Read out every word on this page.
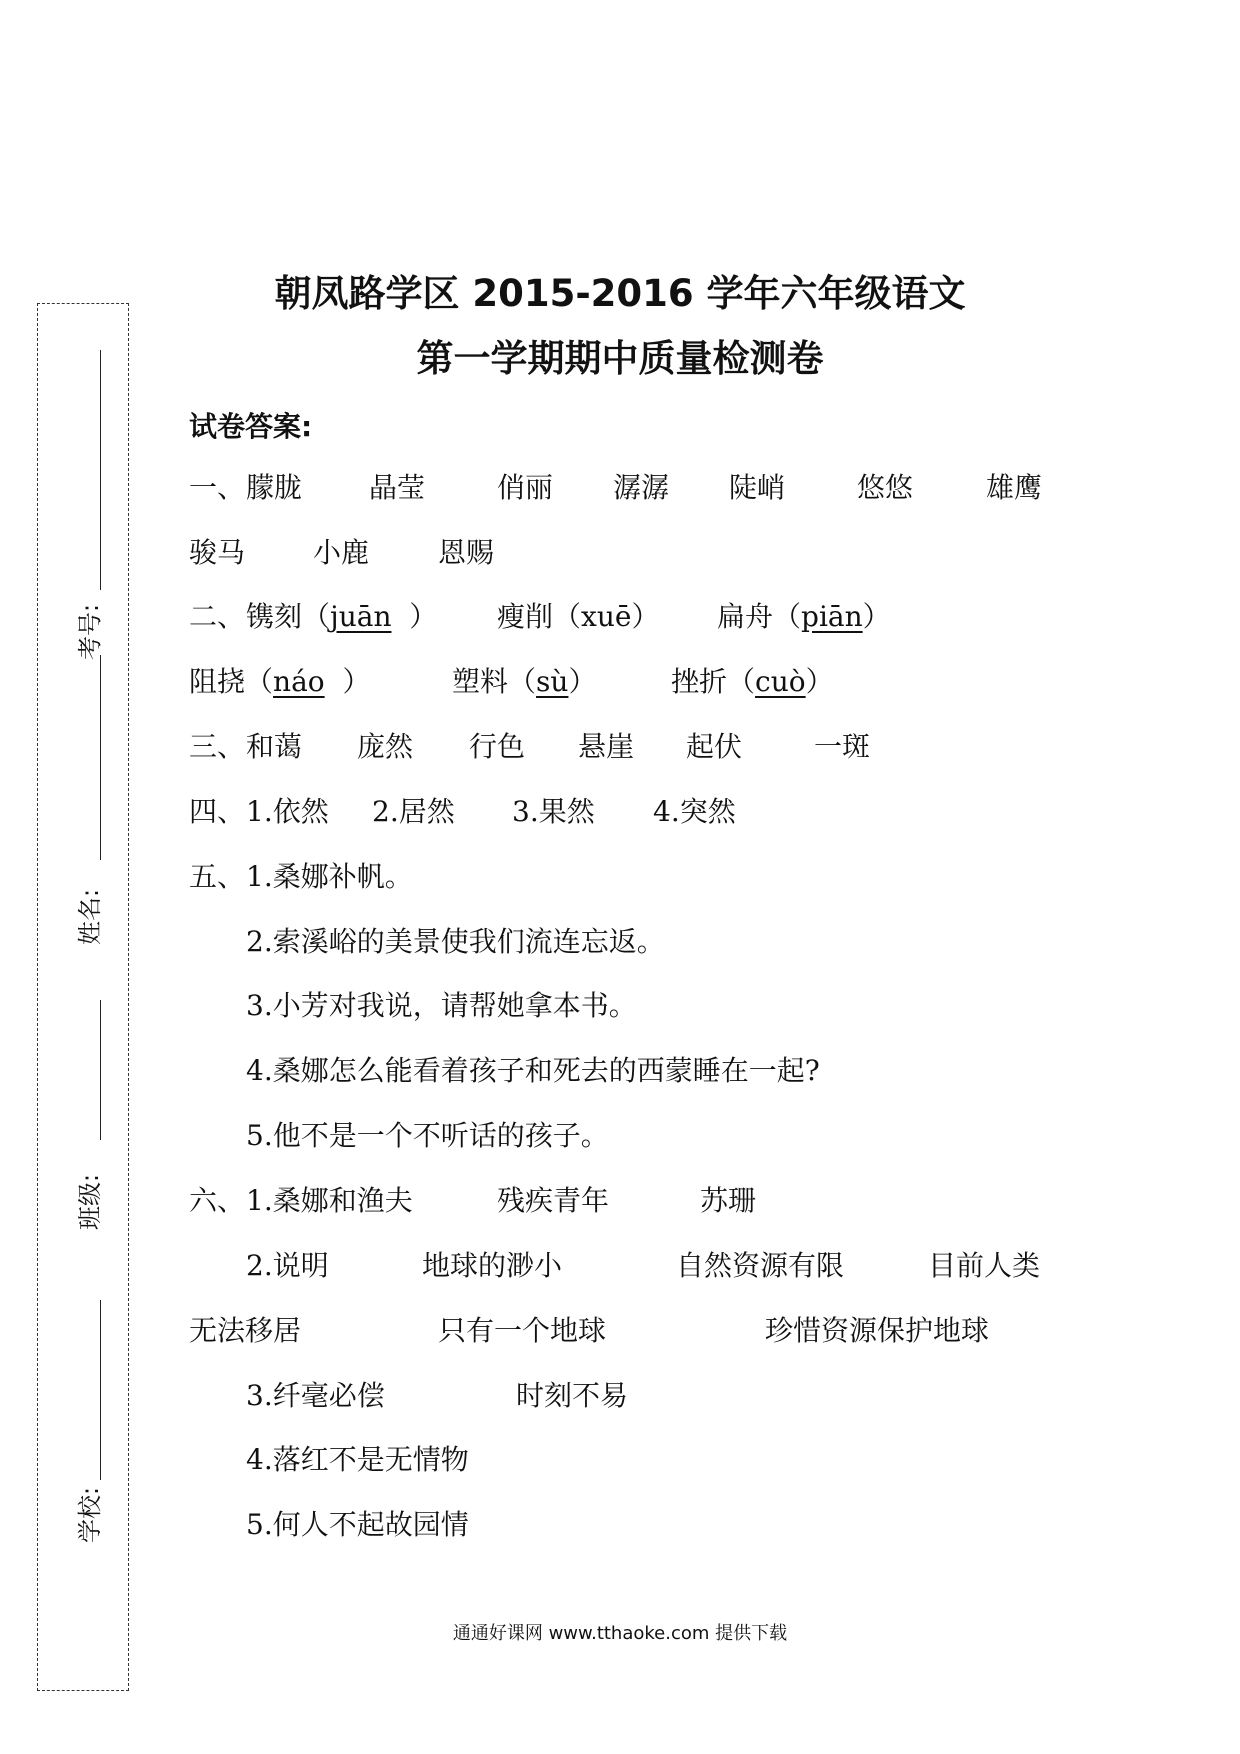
考号:
姓名:
班级:
学校:
朝凤路学区 2015-2016 学年六年级语文
第一学期期中质量检测卷
试卷答案:
一、 朦胧 晶莹	俏丽 潺潺 陡峭	悠悠	雄鹰
骏马 小鹿 恩赐
二、 镌刻（juān ） 瘦削（xuē） 扁舟（piān）
阻挠（náo ）	塑料（sù）	挫折（cuò）
三、 和蔼 庞然 行色 悬崖 起伏	一斑
四、 1.依然 2.居然 3.果然 4.突然
五、 1.桑娜补帆。
2.索溪峪的美景使我们流连忘返。
3.小芳对我说，请帮她拿本书。
4.桑娜怎么能看着孩子和死去的西蒙睡在一起?
5.他不是一个不听话的孩子。
六、 1.桑娜和渔夫	残疾青年	苏珊
2.说明	地球的渺小	自然资源有限	目前人类
无法移居	只有一个地球	珍惜资源保护地球
3.纤毫必偿	时刻不易
4.落红不是无情物
5.何人不起故园情
通通好课网 www.tthaoke.com 提供下载
